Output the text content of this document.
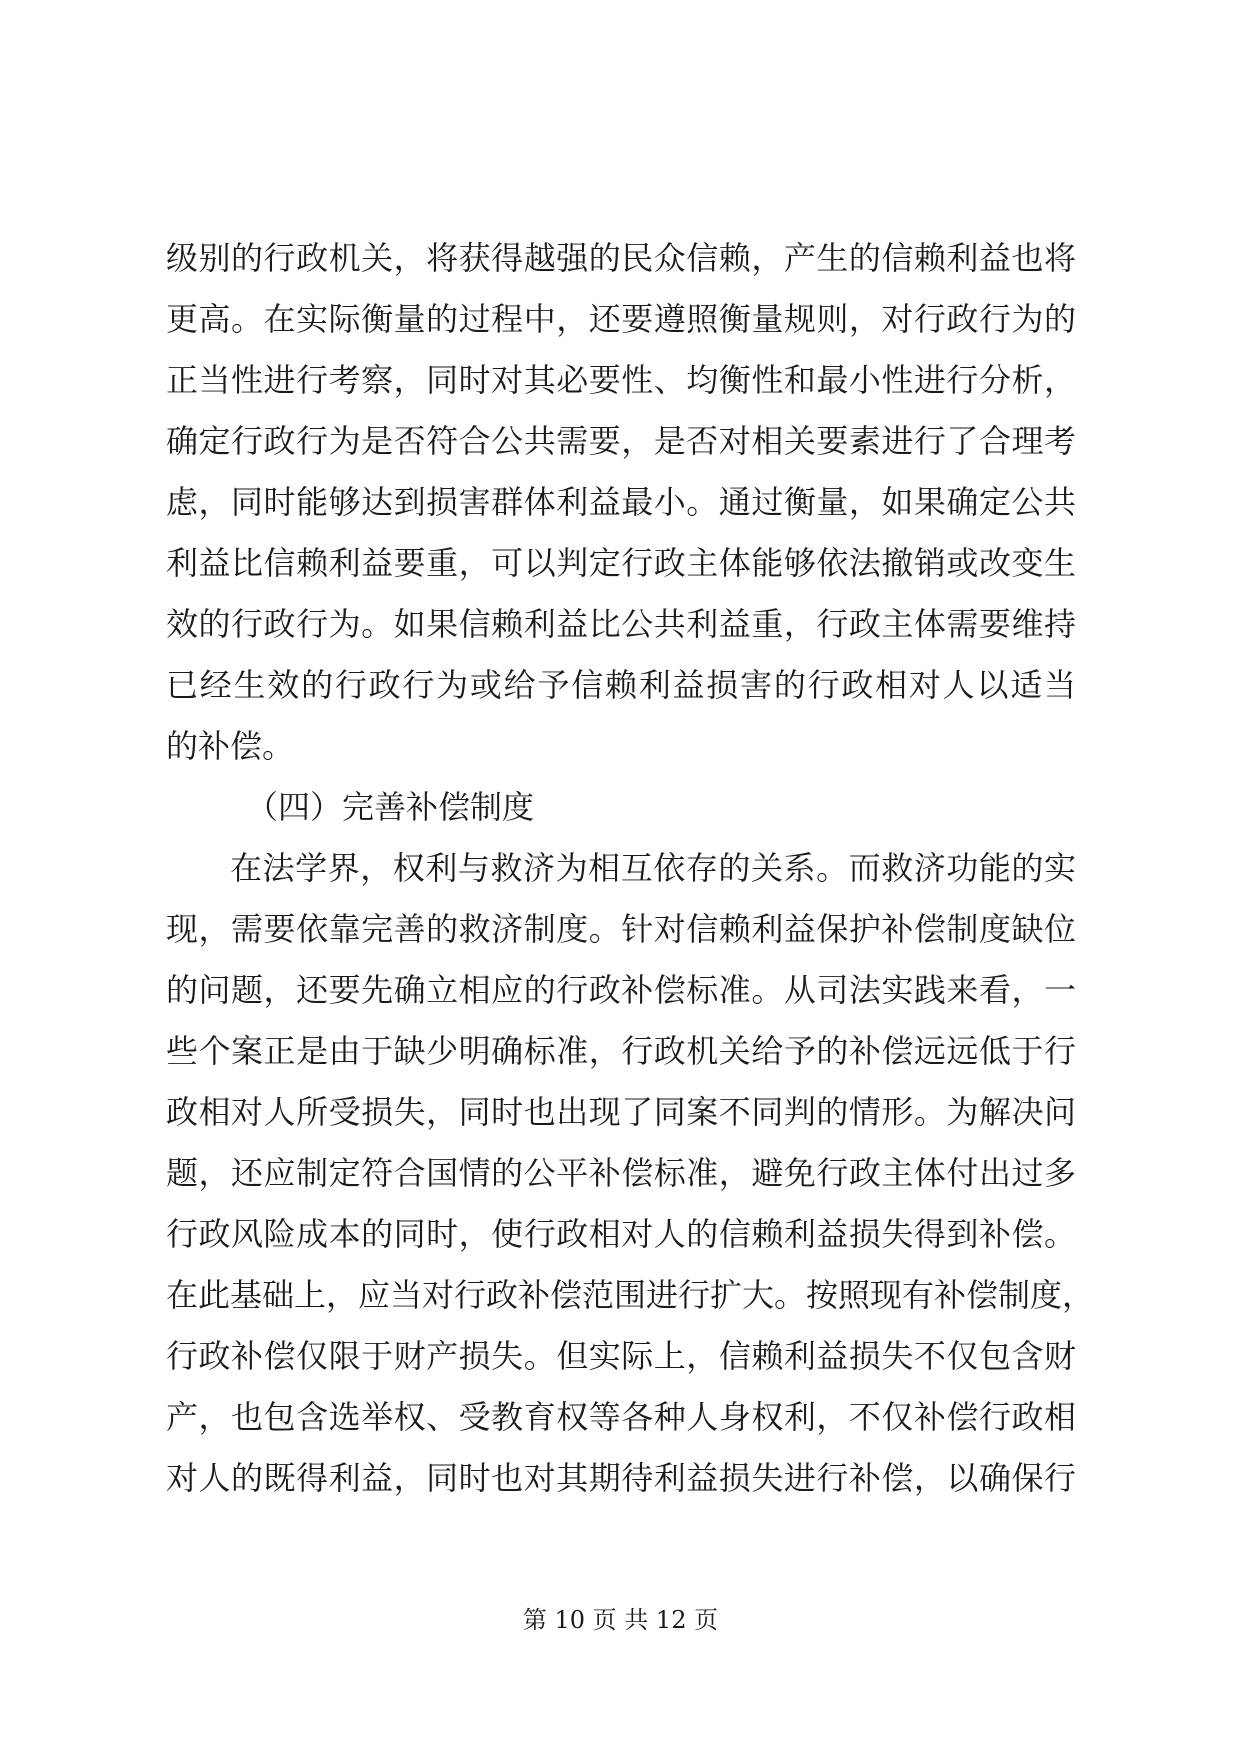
级别的行政机关，将获得越强的民众信赖，产生的信赖利益也将
更高。在实际衡量的过程中，还要遵照衡量规则，对行政行为的
正当性进行考察，同时对其必要性、均衡性和最小性进行分析，
确定行政行为是否符合公共需要，是否对相关要素进行了合理考
虑，同时能够达到损害群体利益最小。通过衡量，如果确定公共
利益比信赖利益要重，可以判定行政主体能够依法撤销或改变生
效的行政行为。如果信赖利益比公共利益重，行政主体需要维持
已经生效的行政行为或给予信赖利益损害的行政相对人以适当
的补偿。
（四）完善补偿制度
在法学界，权利与救济为相互依存的关系。而救济功能的实
现，需要依靠完善的救济制度。针对信赖利益保护补偿制度缺位
的问题，还要先确立相应的行政补偿标准。从司法实践来看，一
些个案正是由于缺少明确标准，行政机关给予的补偿远远低于行
政相对人所受损失，同时也出现了同案不同判的情形。为解决问
题，还应制定符合国情的公平补偿标准，避免行政主体付出过多
行政风险成本的同时，使行政相对人的信赖利益损失得到补偿。
在此基础上，应当对行政补偿范围进行扩大。按照现有补偿制度，
行政补偿仅限于财产损失。但实际上，信赖利益损失不仅包含财
产，也包含选举权、受教育权等各种人身权利，不仅补偿行政相
对人的既得利益，同时也对其期待利益损失进行补偿，以确保行
第 10 页 共 12 页
